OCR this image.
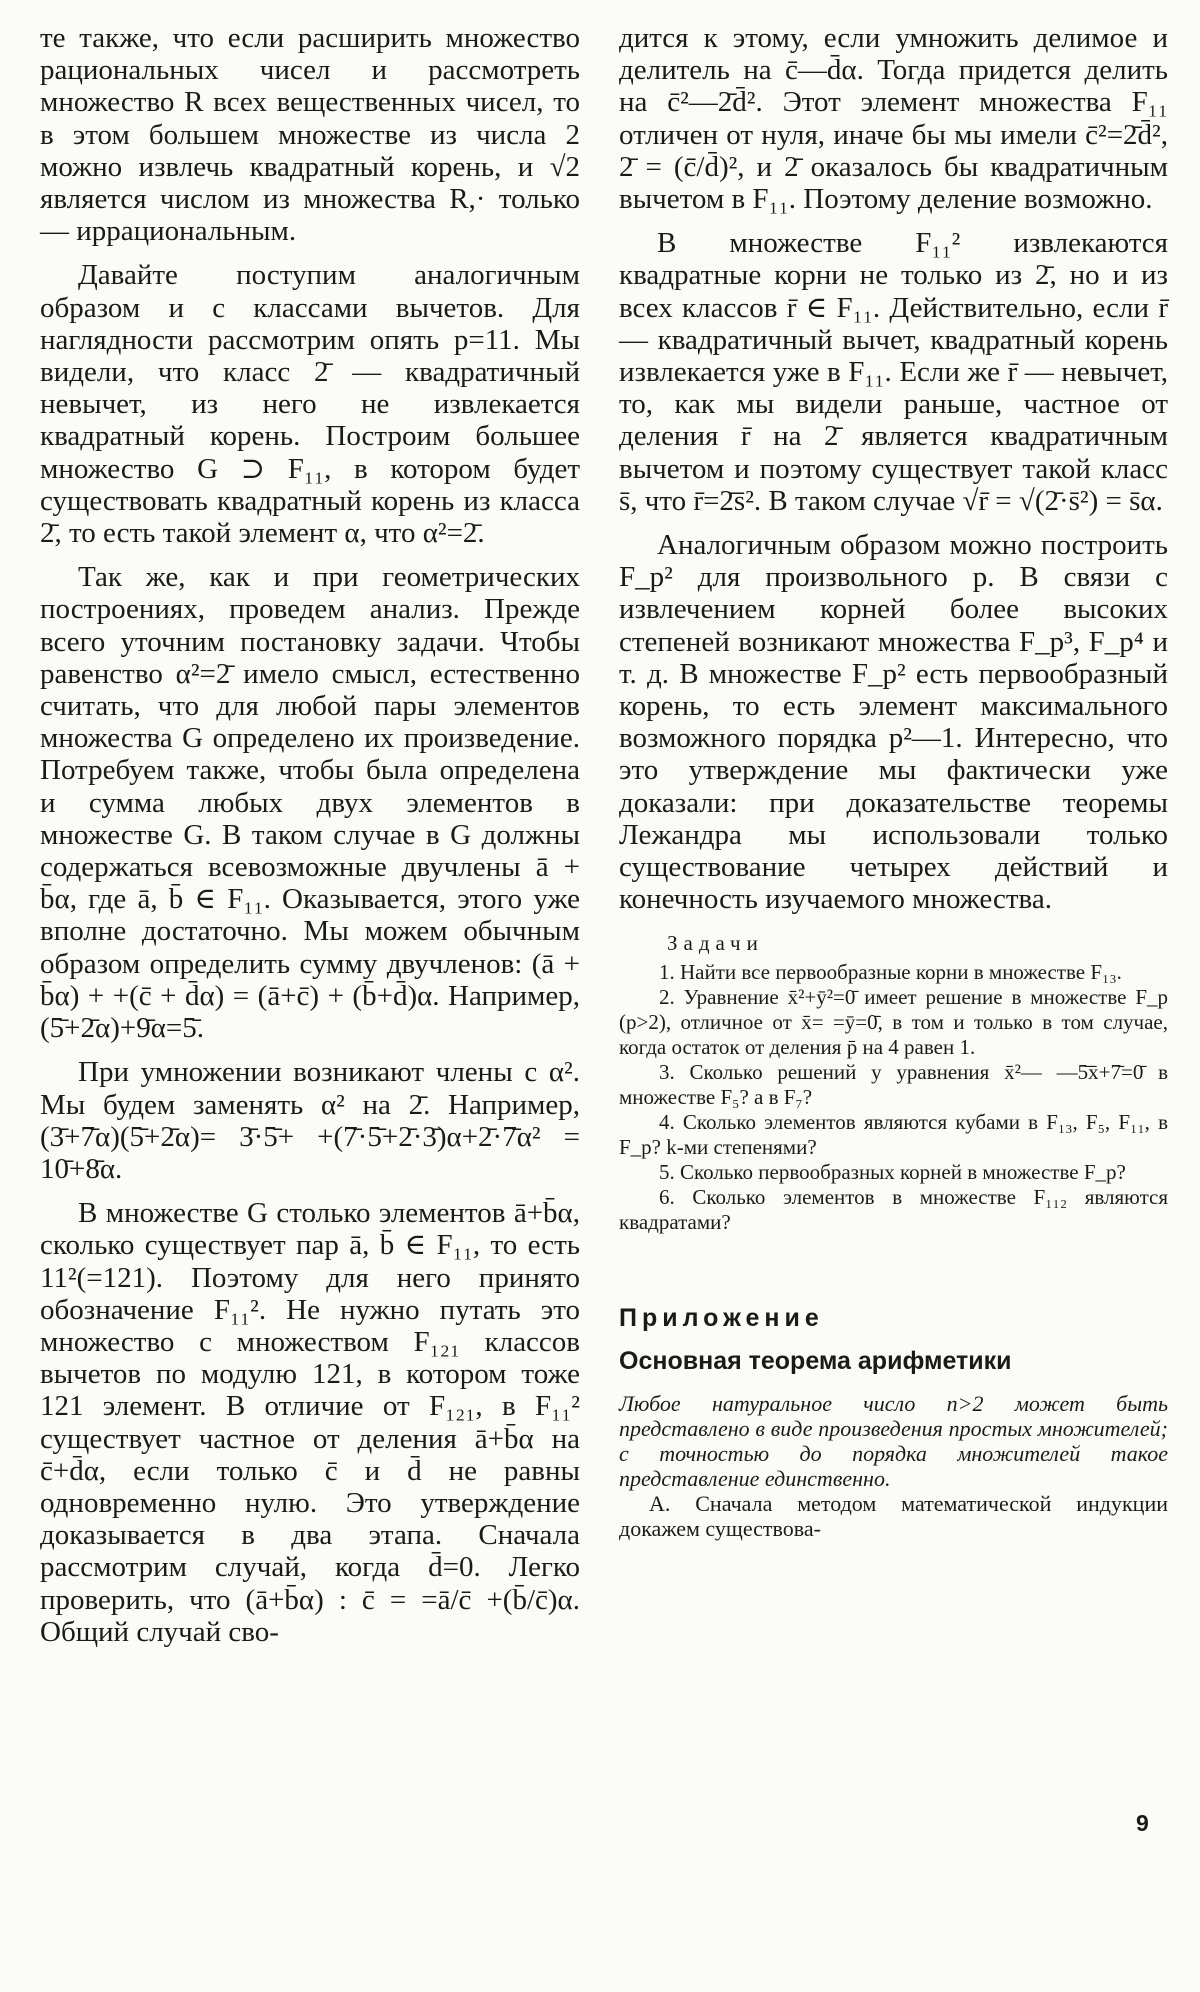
те также, что если расширить множество рациональных чисел и рассмотреть множество R всех вещественных чисел, то в этом большем множестве из числа 2 можно извлечь квадратный корень, и √2 является числом из множества R,· только — иррациональным.

Давайте поступим аналогичным образом и с классами вычетов. Для наглядности рассмотрим опять p=11. Мы видели, что класс 2̄ — квадратичный невычет, из него не извлекается квадратный корень. Построим большее множество G ⊃ F₁₁, в котором будет существовать квадратный корень из класса 2̄, то есть такой элемент α, что α²=2̄.

Так же, как и при геометрических построениях, проведем анализ. Прежде всего уточним постановку задачи. Чтобы равенство α²=2̄ имело смысл, естественно считать, что для любой пары элементов множества G определено их произведение. Потребуем также, чтобы была определена и сумма любых двух элементов в множестве G. В таком случае в G должны содержаться всевозможные двучлены ā + b̄α, где ā, b̄ ∈ F₁₁. Оказывается, этого уже вполне достаточно. Мы можем обычным образом определить сумму двучленов: (ā + b̄α) + +(c̄ + d̄α) = (ā+c̄) + (b̄+d̄)α. Например, (5̄+2̄α)+9̄α=5̄.

При умножении возникают члены с α². Мы будем заменять α² на 2̄. Например, (3̄+7̄α)(5̄+2̄α)= 3̄·5̄+ +(7̄·5̄+2̄·3̄)α+2̄·7̄α² = 10̄+8̄α.

В множестве G столько элементов ā+b̄α, сколько существует пар ā, b̄ ∈ F₁₁, то есть 11²(=121). Поэтому для него принято обозначение F₁₁². Не нужно путать это множество с множеством F₁₂₁ классов вычетов по модулю 121, в котором тоже 121 элемент. В отличие от F₁₂₁, в F₁₁² существует частное от деления ā+b̄α на c̄+d̄α, если только c̄ и d̄ не равны одновременно нулю. Это утверждение доказывается в два этапа. Сначала рассмотрим случай, когда d̄=0. Легко проверить, что (ā+b̄α) : c̄ = =ā/c̄ +(b̄/c̄)α. Общий случай сво-

дится к этому, если умножить делимое и делитель на c̄—d̄α. Тогда придется делить на c̄²—2̄d̄². Этот элемент множества F₁₁ отличен от нуля, иначе бы мы имели c̄²=2̄d̄², 2̄ = (c̄/d̄)², и 2̄ оказалось бы квадратичным вычетом в F₁₁. Поэтому деление возможно.

В множестве F₁₁² извлекаются квадратные корни не только из 2̄, но и из всех классов r̄ ∈ F₁₁. Действительно, если r̄ — квадратичный вычет, квадратный корень извлекается уже в F₁₁. Если же r̄ — невычет, то, как мы видели раньше, частное от деления r̄ на 2̄ является квадратичным вычетом и поэтому существует такой класс s̄, что r̄=2̄s̄². В таком случае √r̄ = √(2̄·s̄²) = s̄α.

Аналогичным образом можно построить F_p² для произвольного p. В связи с извлечением корней более высоких степеней возникают множества F_p³, F_p⁴ и т. д. В множестве F_p² есть первообразный корень, то есть элемент максимального возможного порядка p²—1. Интересно, что это утверждение мы фактически уже доказали: при доказательстве теоремы Лежандра мы использовали только существование четырех действий и конечность изучаемого множества.

Задачи

1. Найти все первообразные корни в множестве F₁₃.

2. Уравнение x̄²+ȳ²=0̄ имеет решение в множестве F_p (p>2), отличное от x̄= =ȳ=0̄, в том и только в том случае, когда остаток от деления p̄ на 4 равен 1.

3. Сколько решений у уравнения x̄²— —5̄x̄+7̄=0̄ в множестве F₅? а в F₇?

4. Сколько элементов являются кубами в F₁₃, F₅, F₁₁, в F_p? k-ми степенями?

5. Сколько первообразных корней в множестве F_p?

6. Сколько элементов в множестве F₁₁₂ являются квадратами?

Приложение

Основная теорема арифметики

Любое натуральное число n>2 может быть представлено в виде произведения простых множителей; с точностью до порядка множителей такое представление единственно.

А. Сначала методом математической индукции докажем существова-

9
